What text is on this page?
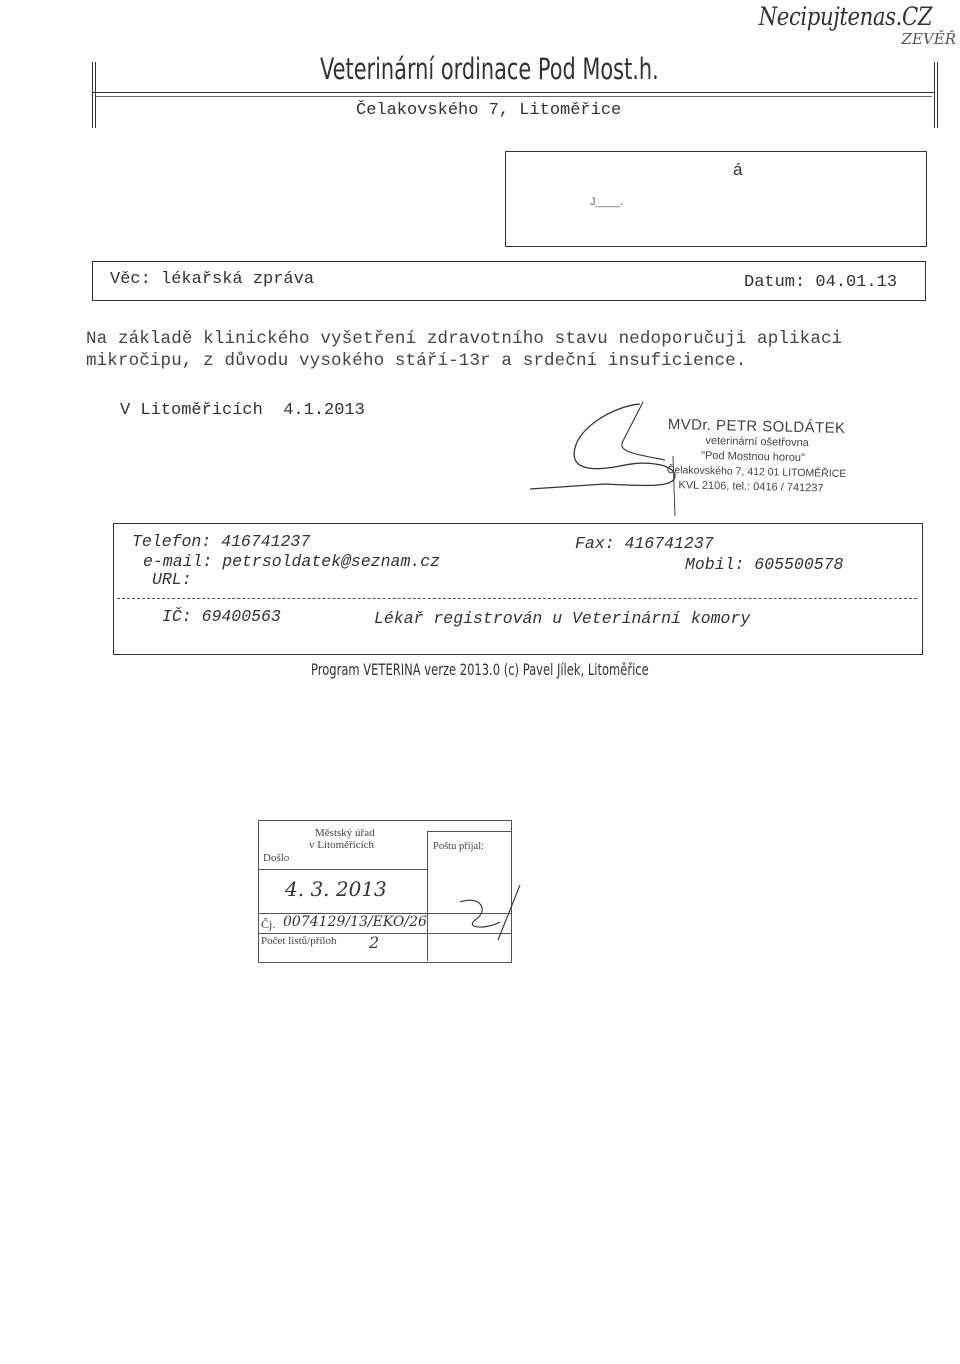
Necipujtenas.CZ
ZEVĚŘ
Veterinární ordinace Pod Most.h.
Čelakovského 7, Litoměřice
á
J____.
Věc: lékařská zpráva	Datum: 04.01.13
Na základě klinického vyšetření zdravotního stavu nedoporučuji aplikaci
mikročipu, z důvodu vysokého stáří-13r a srdeční insuficience.
V Litoměřicích  4.1.2013
MVDr. PETR SOLDÁTEK
veterinární ošetřovna
"Pod Mostnou horou"
Čelakovského 7, 412 01 LITOMĚŘICE
KVL 2106, tel.: 0416 / 741237
Telefon: 416741237	Fax: 416741237
e-mail: petrsoldatek@seznam.cz	Mobil: 605500578
URL:
IČ: 69400563	Lékař registrován u Veterinární komory
Program VETERINA verze 2013.0 (c) Pavel Jílek, Litoměřice
Městský úřad
v Litoměřicích
Došlo
Poštu přijal:
4. 3. 2013
Čj. 0074129/13/EKO/26
Počet listů/příloh 2
